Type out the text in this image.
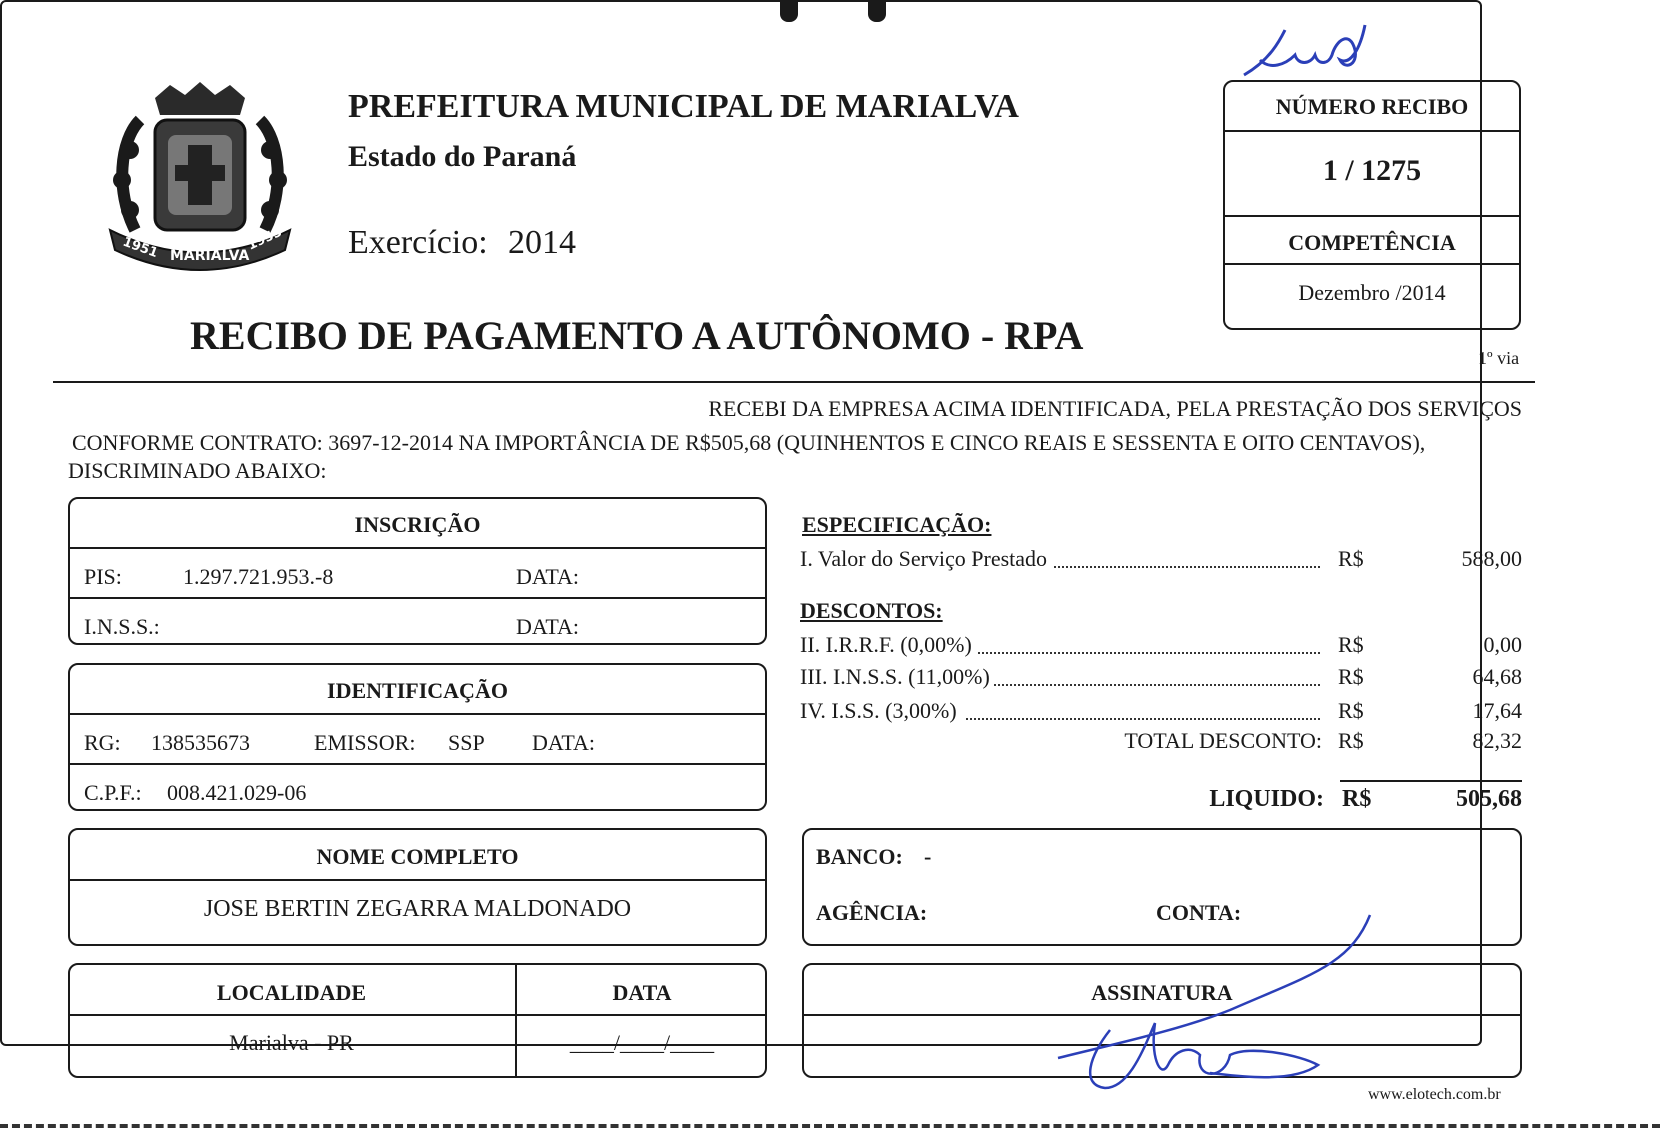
1951 MARIALVA
1953
PREFEITURA MUNICIPAL DE MARIALVA
Estado do Paraná
Exercício: 2014
RECIBO DE PAGAMENTO A AUTÔNOMO - RPA
NÚMERO RECIBO
1 / 1275
COMPETÊNCIA
Dezembro /2014
1º via
RECEBI DA EMPRESA ACIMA IDENTIFICADA, PELA PRESTAÇÃO DOS SERVIÇOS
CONFORME CONTRATO: 3697-12-2014 NA IMPORTÂNCIA DE R$505,68 (QUINHENTOS E CINCO REAIS E SESSENTA E OITO CENTAVOS),
DISCRIMINADO ABAIXO:
INSCRIÇÃO
PIS:	1.297.721.953.-8	DATA:
I.N.S.S.:	DATA:
IDENTIFICAÇÃO
RG: 138535673	EMISSOR: SSP DATA:
C.P.F.: 008.421.029-06
NOME COMPLETO
JOSE BERTIN ZEGARRA MALDONADO
LOCALIDADE
Marialva - PR
DATA
____/____/____
ESPECIFICAÇÃO:
I. Valor do Serviço Prestado	R$	588,00
DESCONTOS:
II. I.R.R.F. (0,00%)	R$	0,00
III. I.N.S.S. (11,00%)	R$	64,68
IV. I.S.S. (3,00%)	R$	17,64
TOTAL DESCONTO: R$	82,32
LIQUIDO: R$	505,68
BANCO: -
AGÊNCIA:	CONTA:
ASSINATURA
www.elotech.com.br
